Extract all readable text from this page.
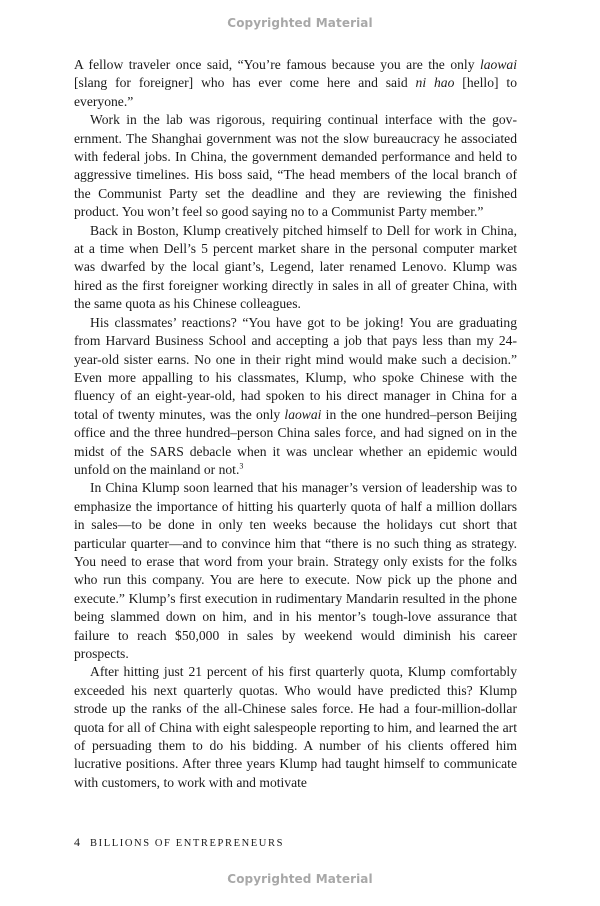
Copyrighted Material

A fellow traveler once said, “You’re famous because you are the only laowai [slang for foreigner] who has ever come here and said ni hao [hello] to everyone.”

Work in the lab was rigorous, requiring continual interface with the government. The Shanghai government was not the slow bureaucracy he associated with federal jobs. In China, the government demanded performance and held to aggressive timelines. His boss said, “The head members of the local branch of the Communist Party set the deadline and they are reviewing the finished product. You won’t feel so good saying no to a Communist Party member.”

Back in Boston, Klump creatively pitched himself to Dell for work in China, at a time when Dell’s 5 percent market share in the personal computer market was dwarfed by the local giant’s, Legend, later renamed Lenovo. Klump was hired as the first foreigner working directly in sales in all of greater China, with the same quota as his Chinese colleagues.

His classmates’ reactions? “You have got to be joking! You are graduating from Harvard Business School and accepting a job that pays less than my 24-year-old sister earns. No one in their right mind would make such a decision.” Even more appalling to his classmates, Klump, who spoke Chinese with the fluency of an eight-year-old, had spoken to his direct manager in China for a total of twenty minutes, was the only laowai in the one hundred–person Beijing office and the three hundred–person China sales force, and had signed on in the midst of the SARS debacle when it was unclear whether an epidemic would unfold on the mainland or not.$^3$

In China Klump soon learned that his manager’s version of leadership was to emphasize the importance of hitting his quarterly quota of half a million dollars in sales—to be done in only ten weeks because the holidays cut short that particular quarter—and to convince him that “there is no such thing as strategy. You need to erase that word from your brain. Strategy only exists for the folks who run this company. You are here to execute. Now pick up the phone and execute.” Klump’s first execution in rudimentary Mandarin resulted in the phone being slammed down on him, and in his mentor’s tough-love assurance that failure to reach $50,000 in sales by weekend would diminish his career prospects.

After hitting just 21 percent of his first quarterly quota, Klump comfortably exceeded his next quarterly quotas. Who would have predicted this? Klump strode up the ranks of the all-Chinese sales force. He had a four-million-dollar quota for all of China with eight salespeople reporting to him, and learned the art of persuading them to do his bidding. A number of his clients offered him lucrative positions. After three years Klump had taught himself to communicate with customers, to work with and motivate

4 BILLIONS OF ENTREPRENEURS
Copyrighted Material
